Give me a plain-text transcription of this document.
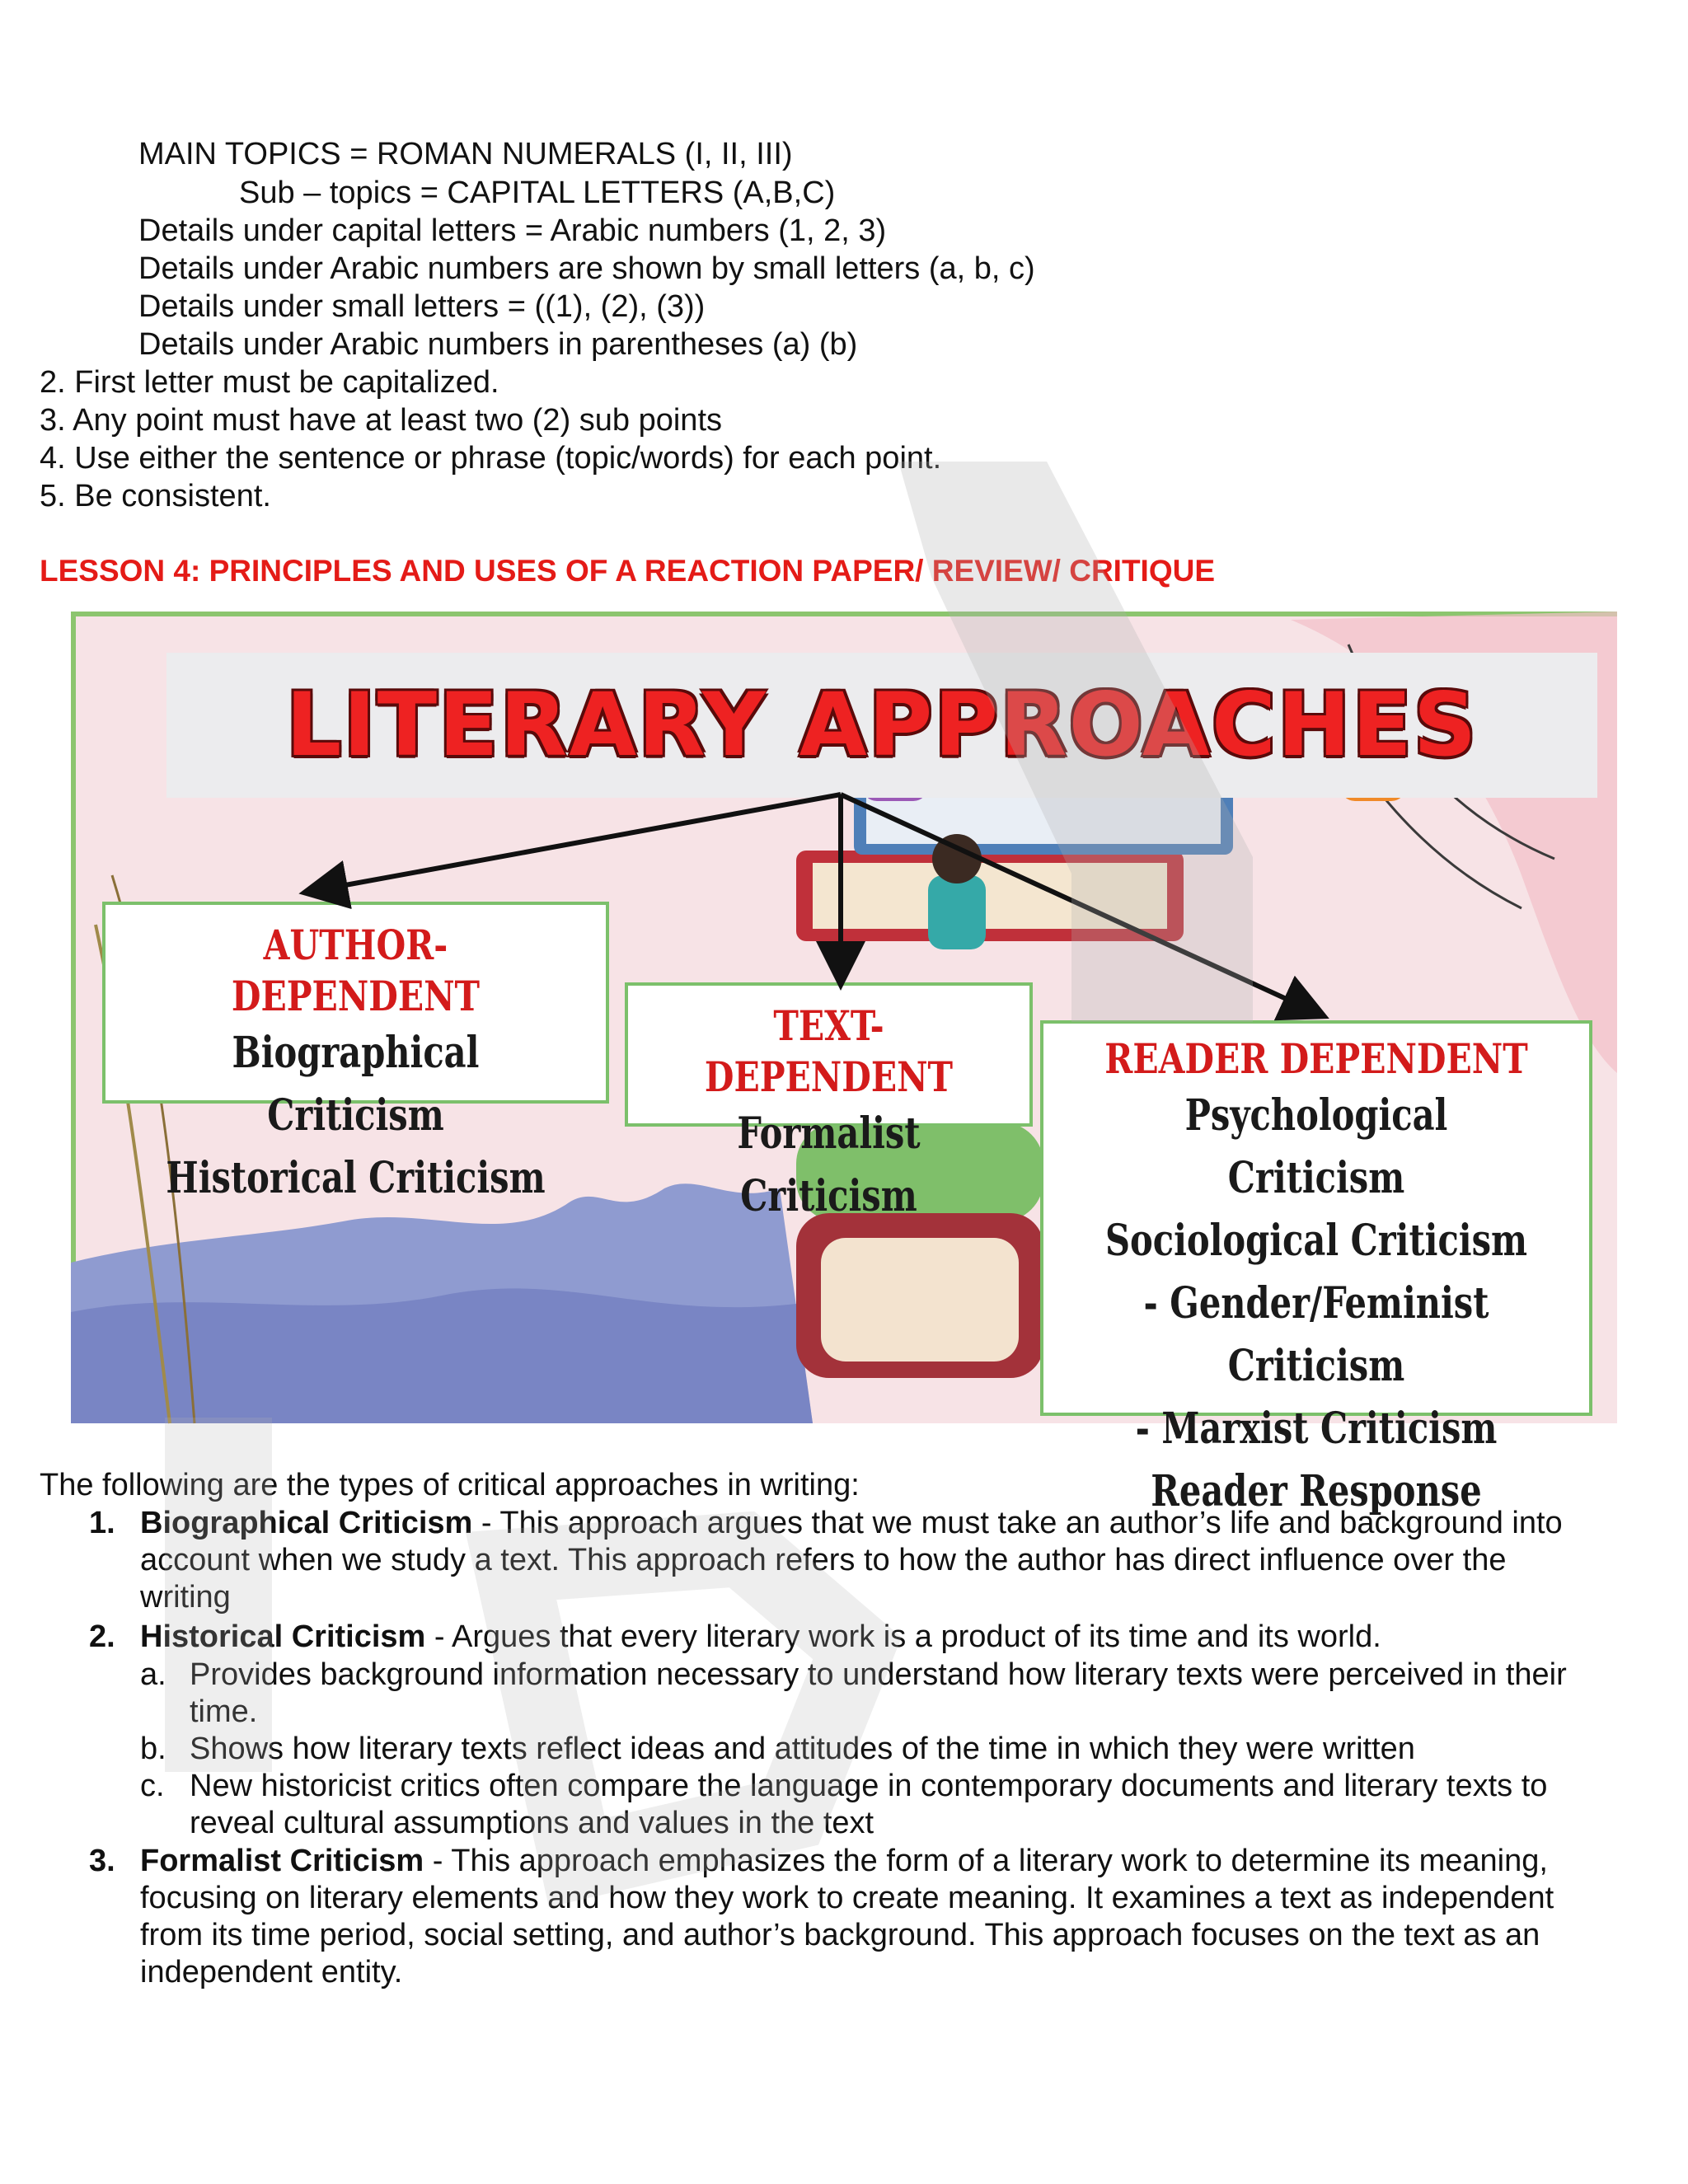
MAIN TOPICS = ROMAN NUMERALS (I, II, III)
Sub – topics = CAPITAL LETTERS (A,B,C)
Details under capital letters = Arabic numbers (1, 2, 3)
Details under Arabic numbers are shown by small letters (a, b, c)
Details under small letters = ((1), (2), (3))
Details under Arabic numbers in parentheses (a) (b)
2. First letter must be capitalized.
3. Any point must have at least two (2) sub points
4. Use either the sentence or phrase (topic/words) for each point.
5. Be consistent.
LESSON 4: PRINCIPLES AND USES OF A REACTION PAPER/ REVIEW/ CRITIQUE
LITERARY APPROACHES
AUTHOR-DEPENDENT
Biographical Criticism
Historical Criticism
TEXT-DEPENDENT
Formalist Criticism
READER DEPENDENT
Psychological Criticism
Sociological Criticism
- Gender/Feminist Criticism
- Marxist Criticism
Reader Response
The following are the types of critical approaches in writing:
1. Biographical Criticism - This approach argues that we must take an author’s life and background into
account when we study a text. This approach refers to how the author has direct influence over the
writing
2. Historical Criticism - Argues that every literary work is a product of its time and its world.
a. Provides background information necessary to understand how literary texts were perceived in their
time.
b. Shows how literary texts reflect ideas and attitudes of the time in which they were written
c. New historicist critics often compare the language in contemporary documents and literary texts to
reveal cultural assumptions and values in the text
3. Formalist Criticism - This approach emphasizes the form of a literary work to determine its meaning,
focusing on literary elements and how they work to create meaning. It examines a text as independent
from its time period, social setting, and author’s background. This approach focuses on the text as an
independent entity.
